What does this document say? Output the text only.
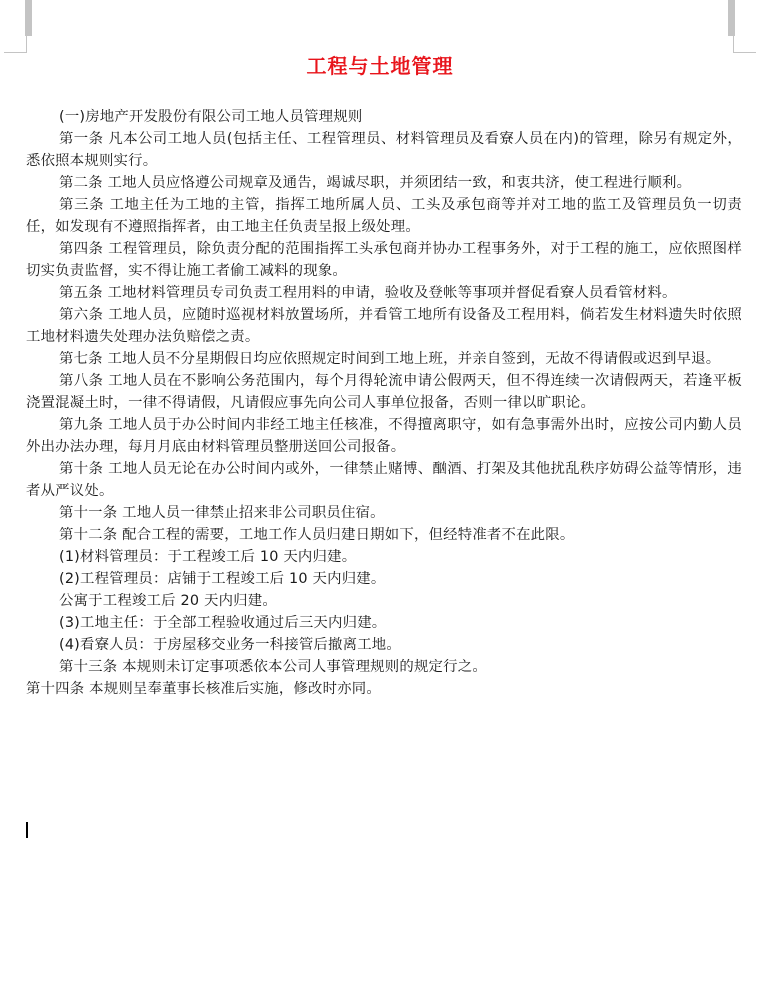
工程与土地管理

(一)房地产开发股份有限公司工地人员管理规则

第一条 凡本公司工地人员(包括主任、工程管理员、材料管理员及看寮人员在内)的管理，除另有规定外，悉依照本规则实行。

第二条 工地人员应恪遵公司规章及通告，竭诚尽职，并须团结一致，和衷共济，使工程进行顺利。

第三条 工地主任为工地的主管，指挥工地所属人员、工头及承包商等并对工地的监工及管理员负一切责任，如发现有不遵照指挥者，由工地主任负责呈报上级处理。

第四条 工程管理员，除负责分配的范围指挥工头承包商并协办工程事务外，对于工程的施工，应依照图样切实负责监督，实不得让施工者偷工减料的现象。

第五条 工地材料管理员专司负责工程用料的申请，验收及登帐等事项并督促看寮人员看管材料。

第六条 工地人员，应随时巡视材料放置场所，并看管工地所有设备及工程用料，倘若发生材料遗失时依照工地材料遗失处理办法负赔偿之责。

第七条 工地人员不分星期假日均应依照规定时间到工地上班，并亲自签到，无故不得请假或迟到早退。

第八条 工地人员在不影响公务范围内，每个月得轮流申请公假两天，但不得连续一次请假两天，若逢平板浇置混凝土时，一律不得请假，凡请假应事先向公司人事单位报备，否则一律以旷职论。

第九条 工地人员于办公时间内非经工地主任核准，不得擅离职守，如有急事需外出时，应按公司内勤人员外出办法办理，每月月底由材料管理员整册送回公司报备。

第十条 工地人员无论在办公时间内或外，一律禁止赌博、酗酒、打架及其他扰乱秩序妨碍公益等情形，违者从严议处。

第十一条 工地人员一律禁止招来非公司职员住宿。

第十二条 配合工程的需要，工地工作人员归建日期如下，但经特准者不在此限。

(1)材料管理员：于工程竣工后 10 天内归建。

(2)工程管理员：店铺于工程竣工后 10 天内归建。

公寓于工程竣工后 20 天内归建。

(3)工地主任：于全部工程验收通过后三天内归建。

(4)看寮人员：于房屋移交业务一科接管后撤离工地。

第十三条 本规则未订定事项悉依本公司人事管理规则的规定行之。

第十四条 本规则呈奉董事长核准后实施，修改时亦同。
